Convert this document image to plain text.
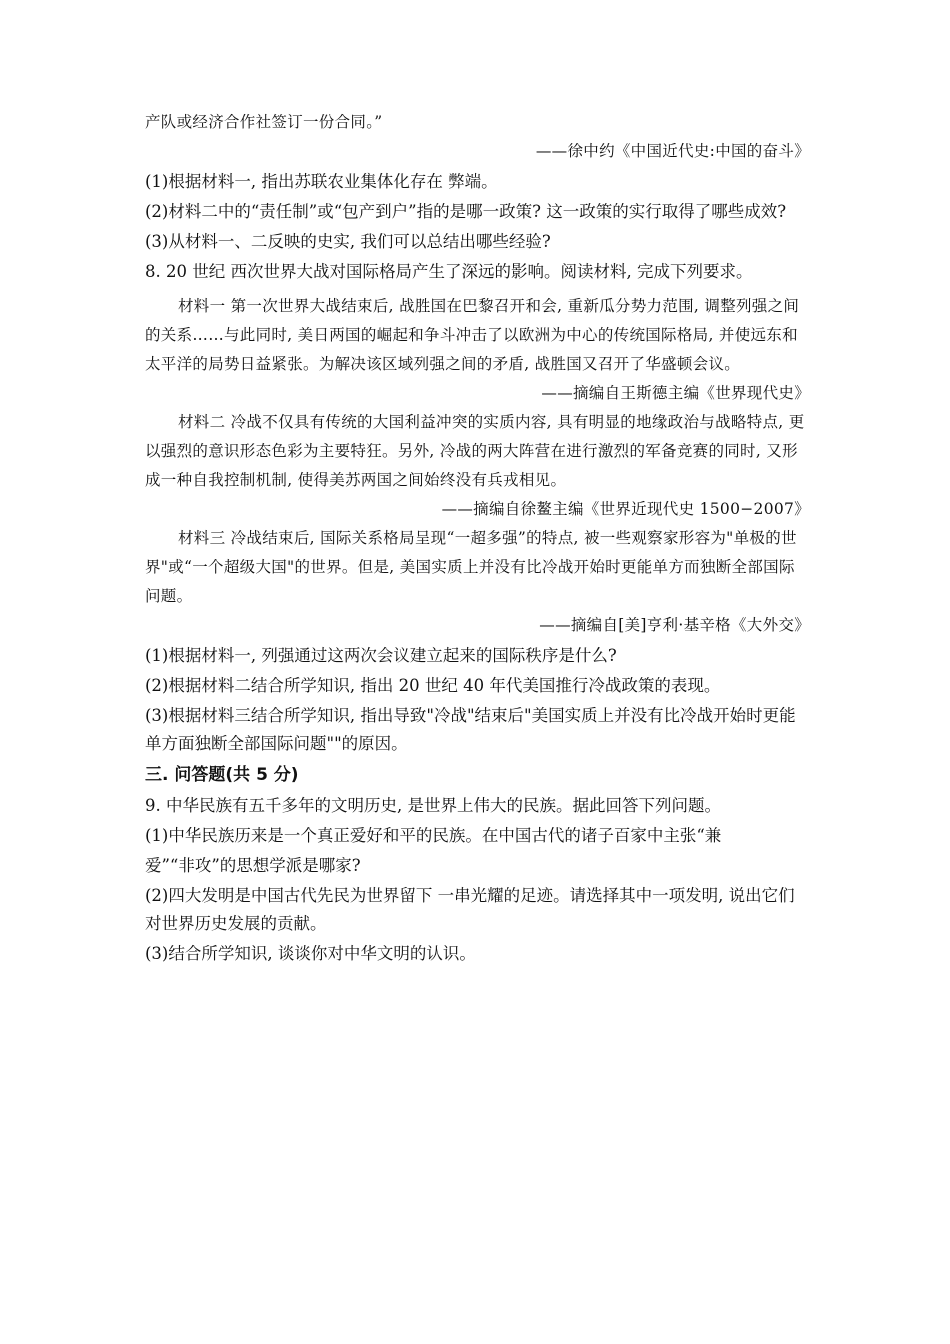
产队或经济合作社签订一份合同。”

——徐中约《中国近代史:中国的奋斗》

(1)根据材料一, 指出苏联农业集体化存在 弊端。

(2)材料二中的“责任制”或“包产到户”指的是哪一政策? 这一政策的实行取得了哪些成效?

(3)从材料一、二反映的史实, 我们可以总结出哪些经验?

8. 20 世纪 西次世界大战对国际格局产生了深远的影响。阅读材料, 完成下列要求。

材料一 第一次世界大战结束后, 战胜国在巴黎召开和会, 重新瓜分势力范围, 调整列强之间的关系……与此同时, 美日两国的崛起和争斗冲击了以欧洲为中心的传统国际格局, 并使远东和太平洋的局势日益紧张。为解决该区域列强之间的矛盾, 战胜国又召开了华盛顿会议。

——摘编自王斯德主编《世界现代史》

材料二 冷战不仅具有传统的大国利益冲突的实质内容, 具有明显的地缘政治与战略特点, 更以强烈的意识形态色彩为主要特狂。另外, 冷战的两大阵营在进行激烈的军备竞赛的同时, 又形成一种自我控制机制, 使得美苏两国之间始终没有兵戎相见。

——摘编自徐鳌主编《世界近现代史 1500−2007》

材料三 冷战结束后, 国际关系格局呈现“一超多强”的特点, 被一些观察家形容为"单极的世界"或“一个超级大国"的世界。但是, 美国实质上并没有比冷战开始时更能单方而独断全部国际问题。

——摘编自[美]亨利·基辛格《大外交》

(1)根据材料一, 列强通过这两次会议建立起来的国际秩序是什么?

(2)根据材料二结合所学知识, 指出 20 世纪 40 年代美国推行冷战政策的表现。

(3)根据材料三结合所学知识, 指出导致"冷战"结束后"美国实质上并没有比冷战开始时更能单方面独断全部国际问题""的原因。

三. 问答题(共 5 分)

9. 中华民族有五千多年的文明历史, 是世界上伟大的民族。据此回答下列问题。

(1)中华民族历来是一个真正爱好和平的民族。在中国古代的诸子百家中主张“兼

爱”“非攻”的思想学派是哪家?

(2)四大发明是中国古代先民为世界留下 一串光耀的足迹。请选择其中一项发明, 说出它们对世界历史发展的贡献。

(3)结合所学知识, 谈谈你对中华文明的认识。
